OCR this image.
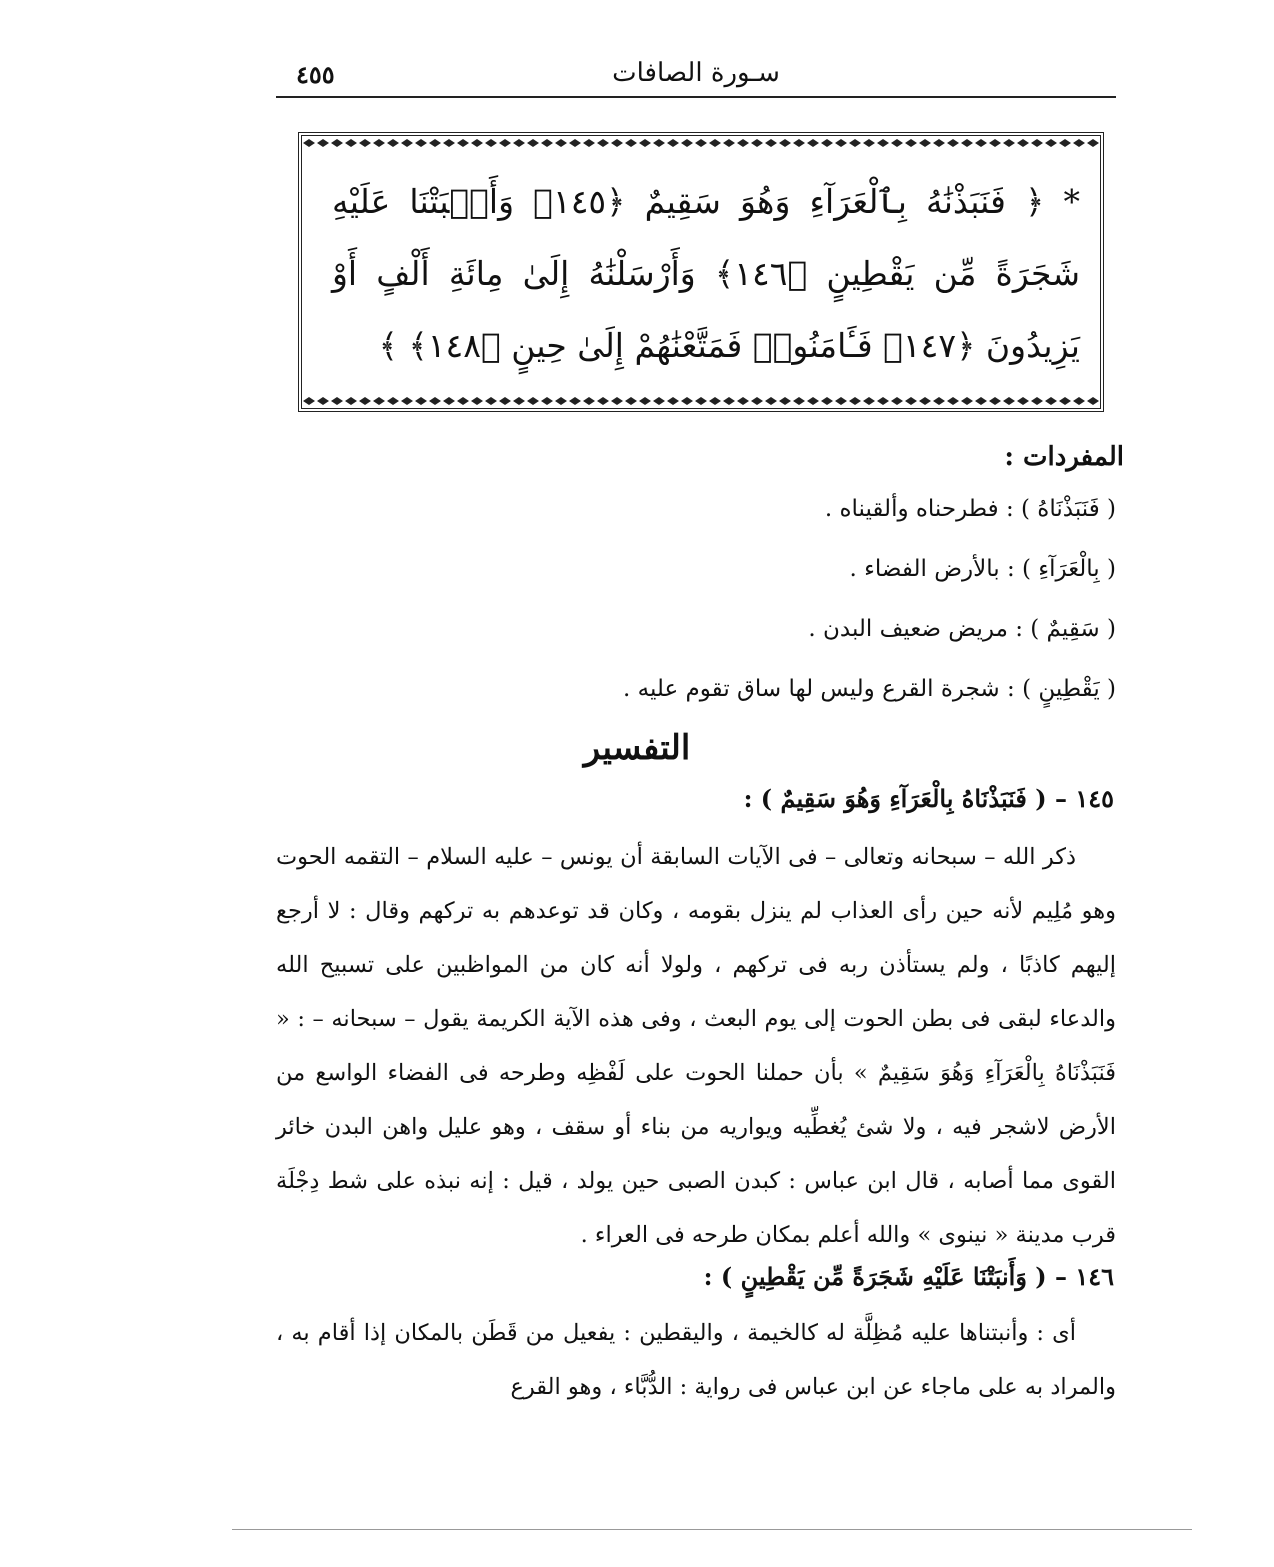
٤٥٥	سـورة الصافات
* ﴿ فَنَبَذْنَٰهُ بِٱلْعَرَآءِ وَهُوَ سَقِيمٌ ﴿١٤٥﴾ وَأَنۢبَتْنَا عَلَيْهِ شَجَرَةً مِّن يَقْطِينٍ ﴿١٤٦﴾ وَأَرْسَلْنَٰهُ إِلَىٰ مِائَةِ أَلْفٍ أَوْ يَزِيدُونَ ﴿١٤٧﴾ فَـَٔامَنُوا۟ فَمَتَّعْنَٰهُمْ إِلَىٰ حِينٍ ﴿١٤٨﴾ ﴾
المفردات :
( فَنَبَذْنَاهُ ) : فطرحناه وألقيناه .
( بِالْعَرَآءِ ) : بالأرض الفضاء .
( سَقِيمٌ ) : مريض ضعيف البدن .
( يَقْطِينٍ ) : شجرة القرع وليس لها ساق تقوم عليه .
التفسير
١٤٥ – ( فَنَبَذْنَاهُ بِالْعَرَآءِ وَهُوَ سَقِيمٌ ) :
ذكر الله – سبحانه وتعالى – فى الآيات السابقة أن يونس – عليه السلام – التقمه الحوت وهو مُلِيم لأنه حين رأى العذاب لم ينزل بقومه ، وكان قد توعدهم به تركهم وقال : لا أرجع إليهم كاذبًا ، ولم يستأذن ربه فى تركهم ، ولولا أنه كان من المواظبين على تسبيح الله والدعاء لبقى فى بطن الحوت إلى يوم البعث ، وفى هذه الآية الكريمة يقول – سبحانه – : « فَنَبَذْنَاهُ بِالْعَرَآءِ وَهُوَ سَقِيمٌ » بأن حملنا الحوت على لَفْظِه وطرحه فى الفضاء الواسع من الأرض لاشجر فيه ، ولا شئ يُغطِّيه ويواريه من بناء أو سقف ، وهو عليل واهن البدن خائر القوى مما أصابه ، قال ابن عباس : كبدن الصبى حين يولد ، قيل : إنه نبذه على شط دِجْلَة قرب مدينة « نينوى » والله أعلم بمكان طرحه فى العراء .
١٤٦ – ( وَأَنبَتْنَا عَلَيْهِ شَجَرَةً مِّن يَقْطِينٍ ) :
أى : وأنبتناها عليه مُظِلَّة له كالخيمة ، واليقطين : يفعيل من قَطَن بالمكان إذا أقام به ، والمراد به على ماجاء عن ابن عباس فى رواية : الدُّبَّاء ، وهو القرع
